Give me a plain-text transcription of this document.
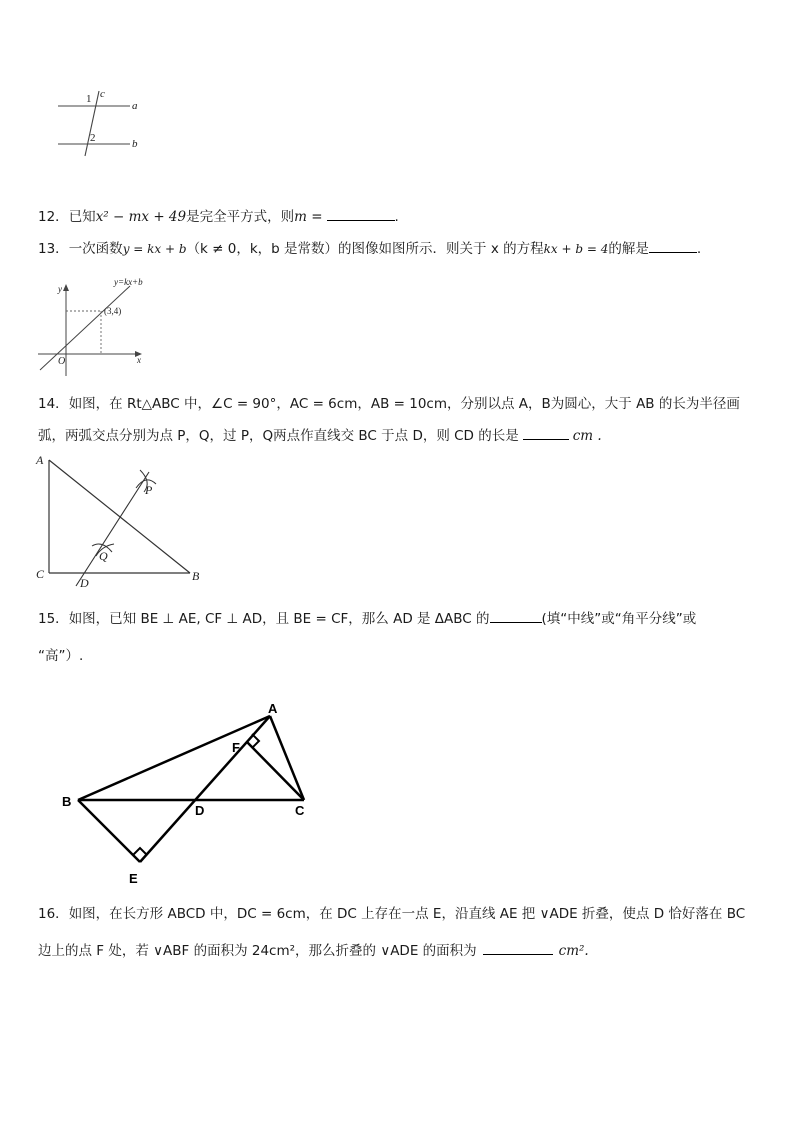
1 c
a
2	b
12．已知x² − mx + 49是完全平方式，则m =	.
13．一次函数y = kx + b（k ≠ 0，k，b 是常数）的图像如图所示．则关于 x 的方程kx + b = 4的解是	.
y=kx+b
(3,4)
y
x
O
14．如图，在 Rt△ABC 中，∠C = 90°，AC = 6cm，AB = 10cm，分别以点 A，B为圆心，大于 AB 的长为半径画
弧，两弧交点分别为点 P，Q，过 P，Q两点作直线交 BC 于点 D，则 CD 的长是	cm .
A
C
D	B
P
Q
15．如图，已知 BE ⊥ AE, CF ⊥ AD，且 BE = CF，那么 AD 是 ΔABC 的	(填“中线”或“角平分线”或
“高”）.
A
F
B
D	C
E
16．如图，在长方形 ABCD 中，DC = 6cm，在 DC 上存在一点 E，沿直线 AE 把 ∨ADE 折叠，使点 D 恰好落在 BC
边上的点 F 处，若 ∨ABF 的面积为 24cm²，那么折叠的 ∨ADE 的面积为	cm².
